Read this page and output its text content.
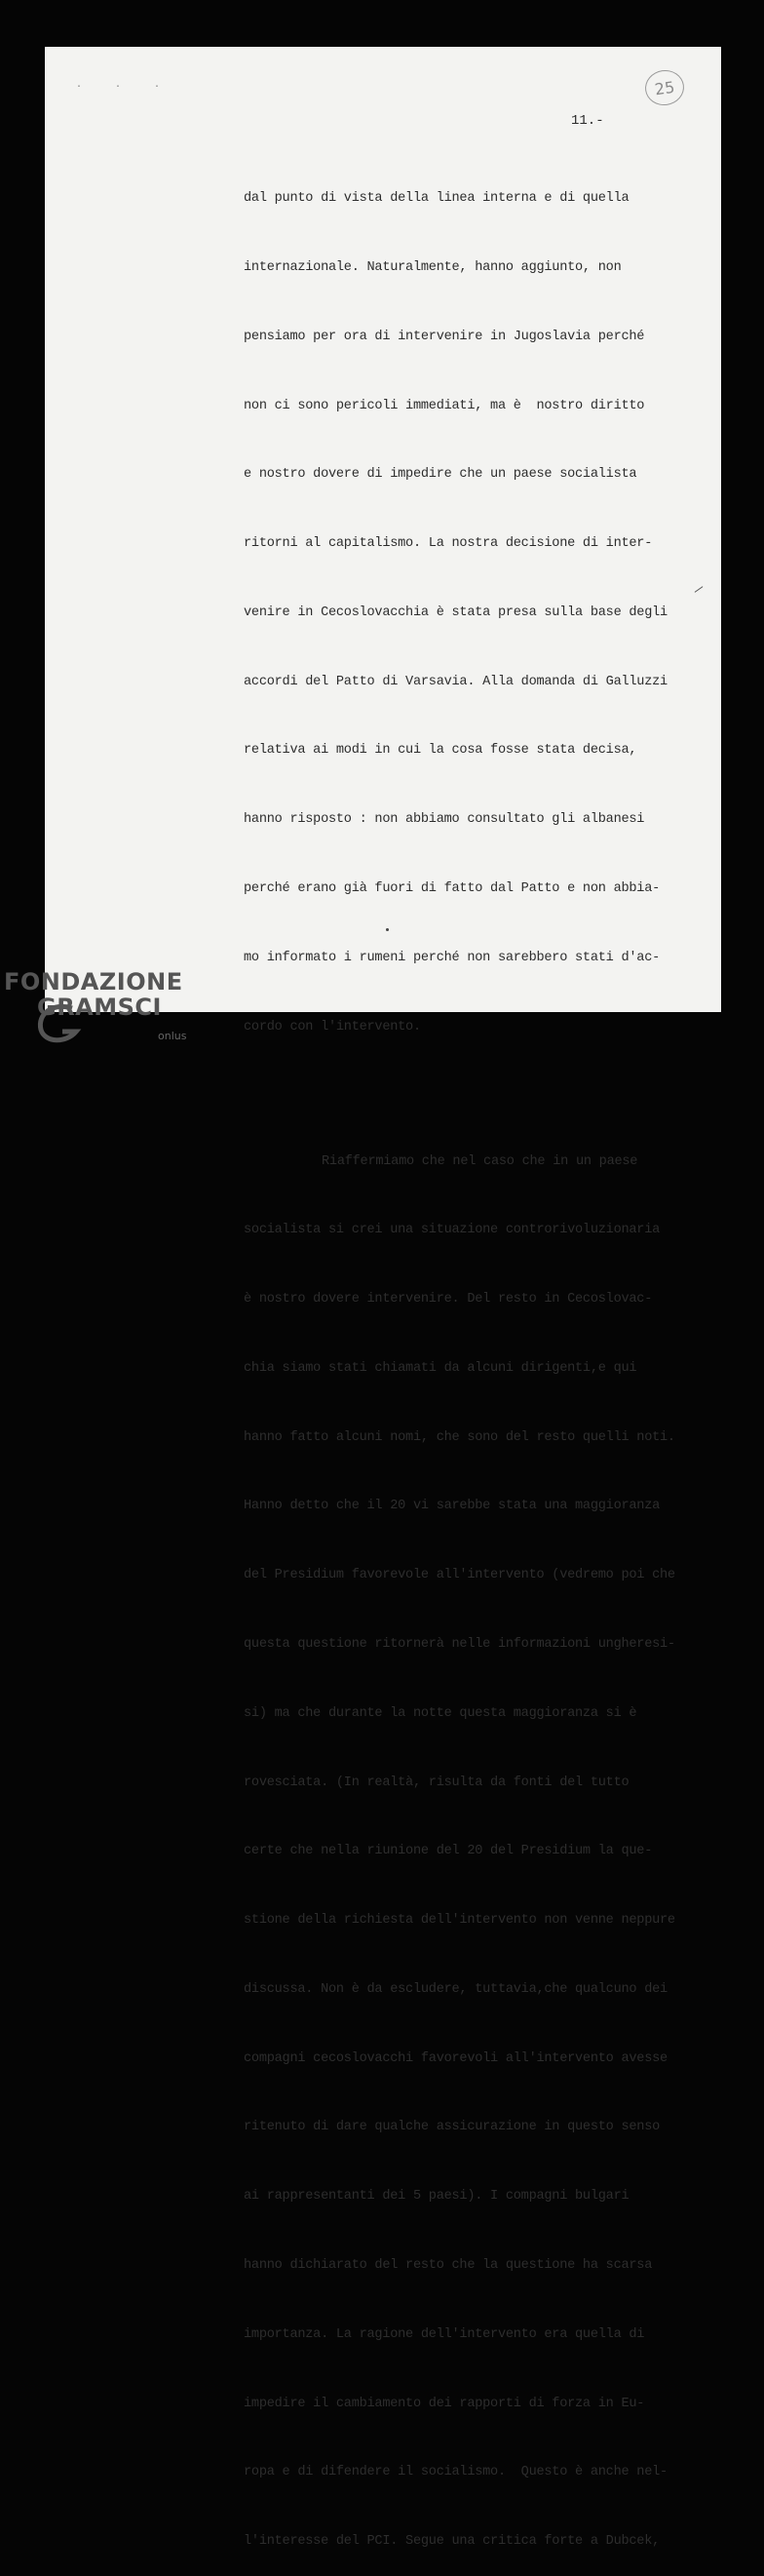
· · ·	25
11.-

dal punto di vista della linea interna e di quella

internazionale. Naturalmente, hanno aggiunto, non

pensiamo per ora di intervenire in Jugoslavia perché

non ci sono pericoli immediati, ma è  nostro diritto

e nostro dovere di impedire che un paese socialista

ritorni al capitalismo. La nostra decisione di inter-

venire in Cecoslovacchia è stata presa sulla base degli

accordi del Patto di Varsavia. Alla domanda di Galluzzi

relativa ai modi in cui la cosa fosse stata decisa,

hanno risposto : non abbiamo consultato gli albanesi

perché erano già fuori di fatto dal Patto e non abbia-

mo informato i rumeni perché non sarebbero stati d'ac-

cordo con l'intervento.

Riaffermiamo che nel caso che in un paese

socialista si crei una situazione controrivoluzionaria

è nostro dovere intervenire. Del resto in Cecoslovac-

chia siamo stati chiamati da alcuni dirigenti,e qui

hanno fatto alcuni nomi, che sono del resto quelli noti.

Hanno detto che il 20 vi sarebbe stata una maggioranza

del Presidium favorevole all'intervento (vedremo poi che

questa questione ritornerà nelle informazioni ungheresi-

si) ma che durante la notte questa maggioranza si è

rovesciata. (In realtà, risulta da fonti del tutto

certe che nella riunione del 20 del Presidium la que-

stione della richiesta dell'intervento non venne neppure

discussa. Non è da escludere, tuttavia,che qualcuno dei

compagni cecoslovacchi favorevoli all'intervento avesse

ritenuto di dare qualche assicurazione in questo senso

ai rappresentanti dei 5 paesi). I compagni bulgari

hanno dichiarato del resto che la questione ha scarsa

importanza. La ragione dell'intervento era quella di

impedire il cambiamento dei rapporti di forza in Eu-

ropa e di difendere il socialismo.  Questo è anche nel-

l'interesse del PCI. Segue una critica forte a Dubcek,

FONDAZIONE
GRAMSCI
onlus
